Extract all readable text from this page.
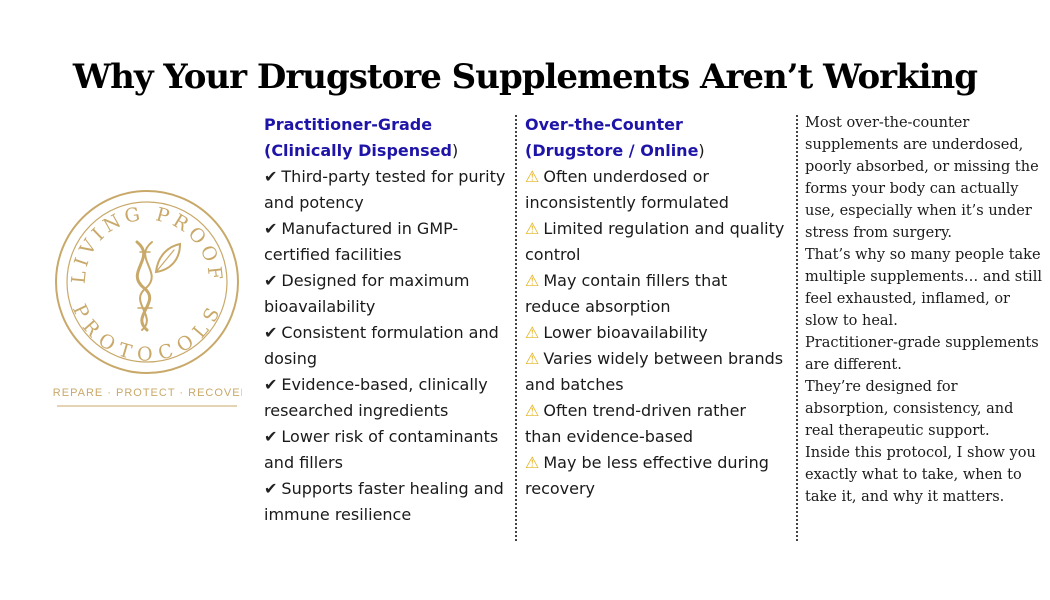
Why Your Drugstore Supplements Aren’t Working
LIVING PROOF
PROTOCOLS
PREPARE · PROTECT · RECOVER
Practitioner-Grade
(Clinically Dispensed)
✔ Third-party tested for purity and potency
✔ Manufactured in GMP-certified facilities
✔ Designed for maximum bioavailability
✔ Consistent formulation and dosing
✔ Evidence-based, clinically researched ingredients
✔ Lower risk of contaminants and fillers
✔ Supports faster healing and immune resilience
Over-the-Counter
(Drugstore / Online)
⚠ Often underdosed or inconsistently formulated
⚠ Limited regulation and quality control
⚠ May contain fillers that reduce absorption
⚠ Lower bioavailability
⚠ Varies widely between brands and batches
⚠ Often trend-driven rather than evidence-based
⚠ May be less effective during recovery

Most over-the-counter supplements are underdosed, poorly absorbed, or missing the forms your body can actually use, especially when it’s under stress from surgery.

That’s why so many people take multiple supplements… and still feel exhausted, inflamed, or slow to heal.

Practitioner-grade supplements are different.

They’re designed for absorption, consistency, and real therapeutic support.

Inside this protocol, I show you exactly what to take, when to take it, and why it matters.
